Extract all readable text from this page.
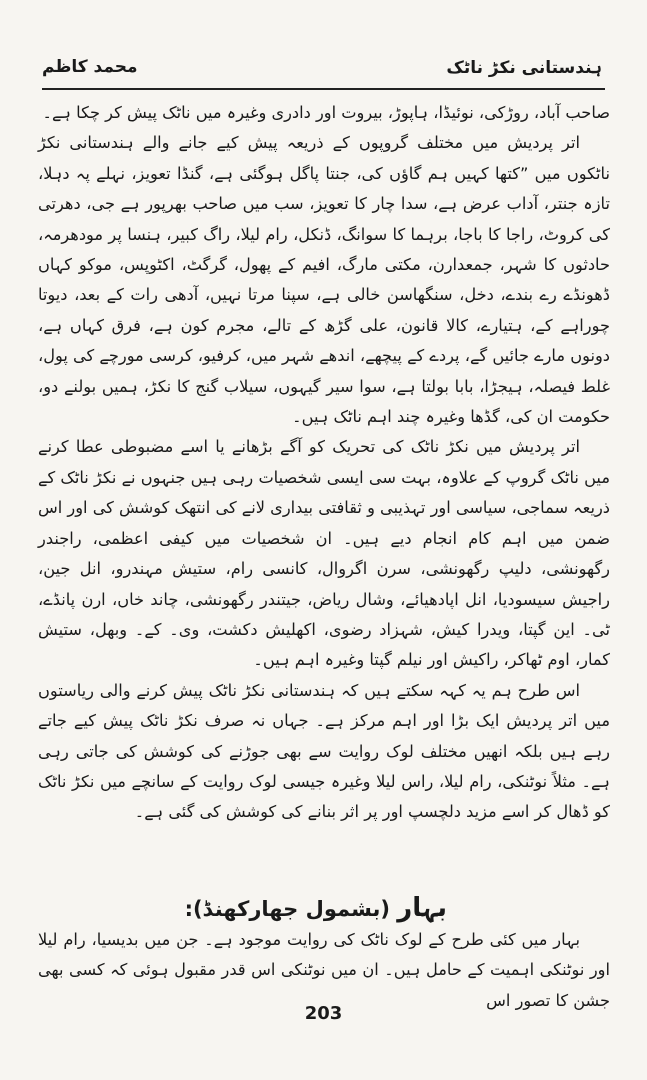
ہندستانی نکڑ ناٹک
محمد کاظم

صاحب آباد، روڑکی، نوئیڈا، ہاپوڑ، بیروت اور دادری وغیرہ میں ناٹک پیش کر چکا ہے۔

اتر پردیش میں مختلف گروپوں کے ذریعہ پیش کیے جانے والے ہندستانی نکڑ ناٹکوں میں ”کتھا کہیں ہم گاؤں کی، جنتا پاگل ہوگئی ہے، گنڈا تعویز، نہلے پہ دہلا، تازہ جنتر، آداب عرض ہے، سدا چار کا تعویز، سب میں صاحب بھرپور ہے جی، دھرتی کی کروٹ، راجا کا باجا، برہما کا سوانگ، ڈنکل، رام لیلا، راگ کبیر، ہنسا پر مودھرمہ، حادثوں کا شہر، جمعدارن، مکتی مارگ، افیم کے پھول، گرگٹ، اکٹوپس، موکو کہاں ڈھونڈے رے بندے، دخل، سنگھاسن خالی ہے، سپنا مرتا نہیں، آدھی رات کے بعد، دیوتا چوراہے کے، ہتیارے، کالا قانون، علی گڑھ کے تالے، مجرم کون ہے، فرق کہاں ہے، دونوں مارے جائیں گے، پردے کے پیچھے، اندھے شہر میں، کرفیو، کرسی مورچے کی پول، غلط فیصلہ، ہیجڑا، بابا بولتا ہے، سوا سیر گیہوں، سیلاب گنج کا نکڑ، ہمیں بولنے دو، حکومت ان کی، گڈھا وغیرہ چند اہم ناٹک ہیں۔

اتر پردیش میں نکڑ ناٹک کی تحریک کو آگے بڑھانے یا اسے مضبوطی عطا کرنے میں ناٹک گروپ کے علاوہ، بہت سی ایسی شخصیات رہی ہیں جنہوں نے نکڑ ناٹک کے ذریعہ سماجی، سیاسی اور تہذیبی و ثقافتی بیداری لانے کی انتھک کوشش کی اور اس ضمن میں اہم کام انجام دیے ہیں۔ ان شخصیات میں کیفی اعظمی، راجندر رگھونشی، دلیپ رگھونشی، سرن اگروال، کانسی رام، ستیش مہندرو، انل جین، راجیش سیسودیا، انل اپادھیائے، وشال ریاض، جیتندر رگھونشی، چاند خاں، ارن پانڈے، ٹی۔ این گپتا، ویدرا کیش، شہزاد رضوی، اکھلیش دکشت، وی۔ کے۔ وبھل، ستیش کمار، اوم ٹھاکر، راکیش اور نیلم گپتا وغیرہ اہم ہیں۔

اس طرح ہم یہ کہہ سکتے ہیں کہ ہندستانی نکڑ ناٹک پیش کرنے والی ریاستوں میں اتر پردیش ایک بڑا اور اہم مرکز ہے۔ جہاں نہ صرف نکڑ ناٹک پیش کیے جاتے رہے ہیں بلکہ انھیں مختلف لوک روایت سے بھی جوڑنے کی کوشش کی جاتی رہی ہے۔ مثلاً نوٹنکی، رام لیلا، راس لیلا وغیرہ جیسی لوک روایت کے سانچے میں نکڑ ناٹک کو ڈھال کر اسے مزید دلچسپ اور پر اثر بنانے کی کوشش کی گئی ہے۔

بہار (بشمول جھارکھنڈ):

بہار میں کئی طرح کے لوک ناٹک کی روایت موجود ہے۔ جن میں بدیسیا، رام لیلا اور نوٹنکی اہمیت کے حامل ہیں۔ ان میں نوٹنکی اس قدر مقبول ہوئی کہ کسی بھی جشن کا تصور اس

203
